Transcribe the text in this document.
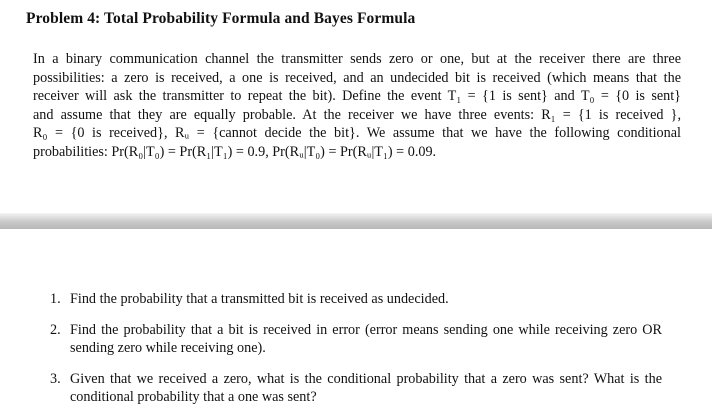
Problem 4: Total Probability Formula and Bayes Formula
In a binary communication channel the transmitter sends zero or one, but at the receiver there are three
possibilities: a zero is received, a one is received, and an undecided bit is received (which means that the
receiver will ask the transmitter to repeat the bit). Define the event T₁ = {1 is sent} and T₀ = {0 is sent}
and assume that they are equally probable. At the receiver we have three events: R₁ = {1 is received },
R₀ = {0 is received}, Rᵤ = {cannot decide the bit}. We assume that we have the following conditional
probabilities: Pr(R₀|T₀) = Pr(R₁|T₁) = 0.9, Pr(Rᵤ|T₀) = Pr(Rᵤ|T₁) = 0.09.
1. Find the probability that a transmitted bit is received as undecided.
2. Find the probability that a bit is received in error (error means sending one while receiving zero OR
sending zero while receiving one).
3. Given that we received a zero, what is the conditional probability that a zero was sent? What is the
conditional probability that a one was sent?
